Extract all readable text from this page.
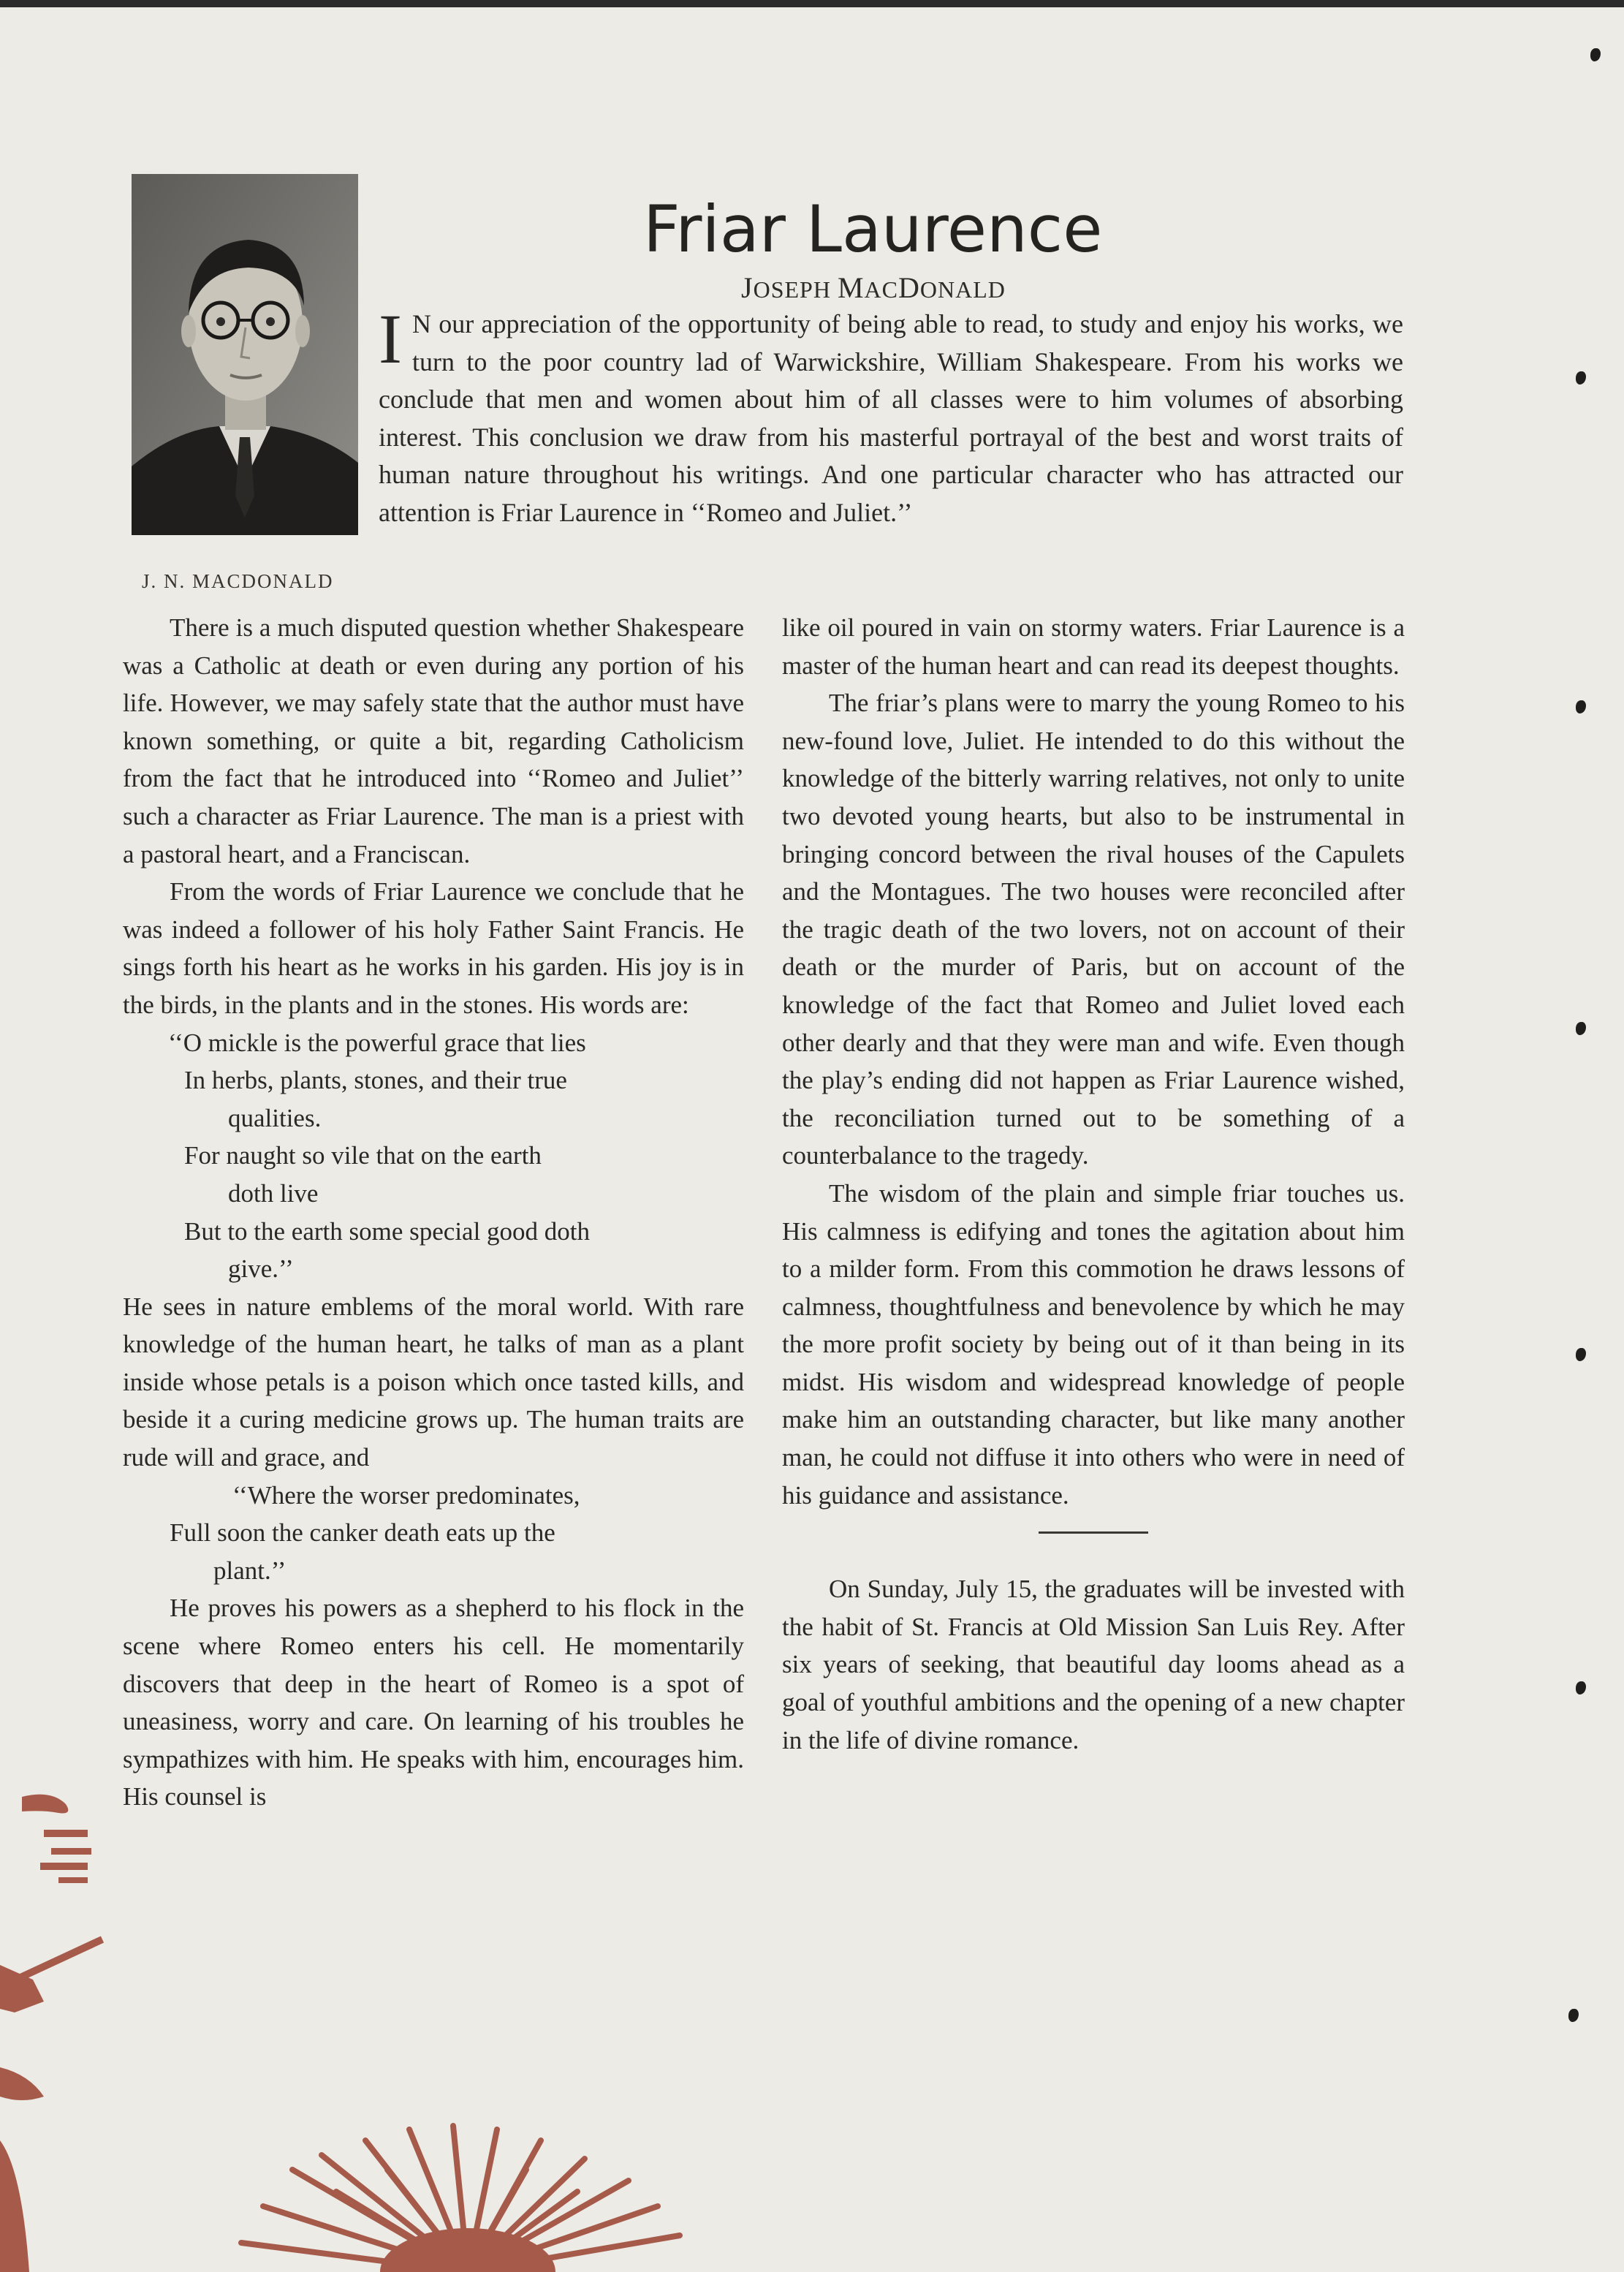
J. N. MACDONALD
Friar Laurence
JOSEPH MACDONALD

I N our appreciation of the opportunity of being able to read, to study and enjoy his works, we turn to the poor country lad of Warwickshire, William Shakespeare. From his works we conclude that men and women about him of all classes were to him volumes of absorbing interest. This conclusion we draw from his masterful portrayal of the best and worst traits of human nature throughout his writings. And one particular character who has attracted our attention is Friar Laurence in ‘‘Romeo and Juliet.’’

There is a much disputed question whether Shakespeare was a Catholic at death or even during any portion of his life. However, we may safely state that the author must have known something, or quite a bit, regarding Catholicism from the fact that he introduced into ‘‘Romeo and Juliet’’ such a character as Friar Laurence. The man is a priest with a pastoral heart, and a Franciscan.

From the words of Friar Laurence we conclude that he was indeed a follower of his holy Father Saint Francis. He sings forth his heart as he works in his garden. His joy is in the birds, in the plants and in the stones. His words are:

‘‘O mickle is the powerful grace that lies
In herbs, plants, stones, and their true
qualities.
For naught so vile that on the earth
doth live
But to the earth some special good doth
give.’’

He sees in nature emblems of the moral world. With rare knowledge of the human heart, he talks of man as a plant inside whose petals is a poison which once tasted kills, and beside it a curing medicine grows up. The human traits are rude will and grace, and

‘‘Where the worser predominates,
Full soon the canker death eats up the
plant.’’

He proves his powers as a shepherd to his flock in the scene where Romeo enters his cell. He momentarily discovers that deep in the heart of Romeo is a spot of uneasiness, worry and care. On learning of his troubles he sympathizes with him. He speaks with him, encourages him. His counsel is

like oil poured in vain on stormy waters. Friar Laurence is a master of the human heart and can read its deepest thoughts.

The friar’s plans were to marry the young Romeo to his new-found love, Juliet. He intended to do this without the knowledge of the bitterly warring relatives, not only to unite two devoted young hearts, but also to be instrumental in bringing concord between the rival houses of the Capulets and the Montagues. The two houses were reconciled after the tragic death of the two lovers, not on account of their death or the murder of Paris, but on account of the knowledge of the fact that Romeo and Juliet loved each other dearly and that they were man and wife. Even though the play’s ending did not happen as Friar Laurence wished, the reconciliation turned out to be something of a counterbalance to the tragedy.

The wisdom of the plain and simple friar touches us. His calmness is edifying and tones the agitation about him to a milder form. From this commotion he draws lessons of calmness, thoughtfulness and benevolence by which he may the more profit society by being out of it than being in its midst. His wisdom and widespread knowledge of people make him an outstanding character, but like many another man, he could not diffuse it into others who were in need of his guidance and assistance.

On Sunday, July 15, the graduates will be invested with the habit of St. Francis at Old Mission San Luis Rey. After six years of seeking, that beautiful day looms ahead as a goal of youthful ambitions and the opening of a new chapter in the life of divine romance.
